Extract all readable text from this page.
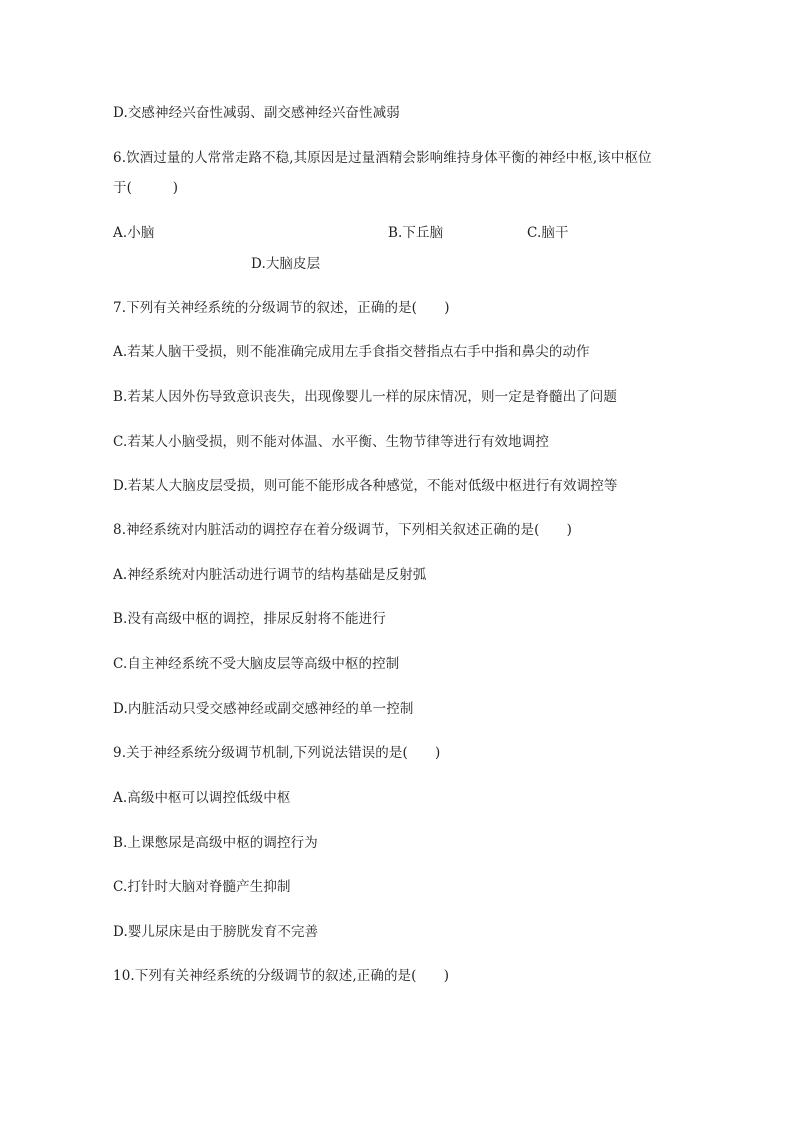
D.交感神经兴奋性减弱、副交感神经兴奋性减弱
6.饮酒过量的人常常走路不稳,其原因是过量酒精会影响维持身体平衡的神经中枢,该中枢位
于(　　　)
A.小脑	B.下丘脑	C.脑干
D.大脑皮层
7.下列有关神经系统的分级调节的叙述，正确的是(　　)
A.若某人脑干受损，则不能准确完成用左手食指交替指点右手中指和鼻尖的动作
B.若某人因外伤导致意识丧失，出现像婴儿一样的尿床情况，则一定是脊髓出了问题
C.若某人小脑受损，则不能对体温、水平衡、生物节律等进行有效地调控
D.若某人大脑皮层受损，则可能不能形成各种感觉，不能对低级中枢进行有效调控等
8.神经系统对内脏活动的调控存在着分级调节，下列相关叙述正确的是(　　)
A.神经系统对内脏活动进行调节的结构基础是反射弧
B.没有高级中枢的调控，排尿反射将不能进行
C.自主神经系统不受大脑皮层等高级中枢的控制
D.内脏活动只受交感神经或副交感神经的单一控制
9.关于神经系统分级调节机制,下列说法错误的是(　　)
A.高级中枢可以调控低级中枢
B.上课憋尿是高级中枢的调控行为
C.打针时大脑对脊髓产生抑制
D.婴儿尿床是由于膀胱发育不完善
10.下列有关神经系统的分级调节的叙述,正确的是(　　)
